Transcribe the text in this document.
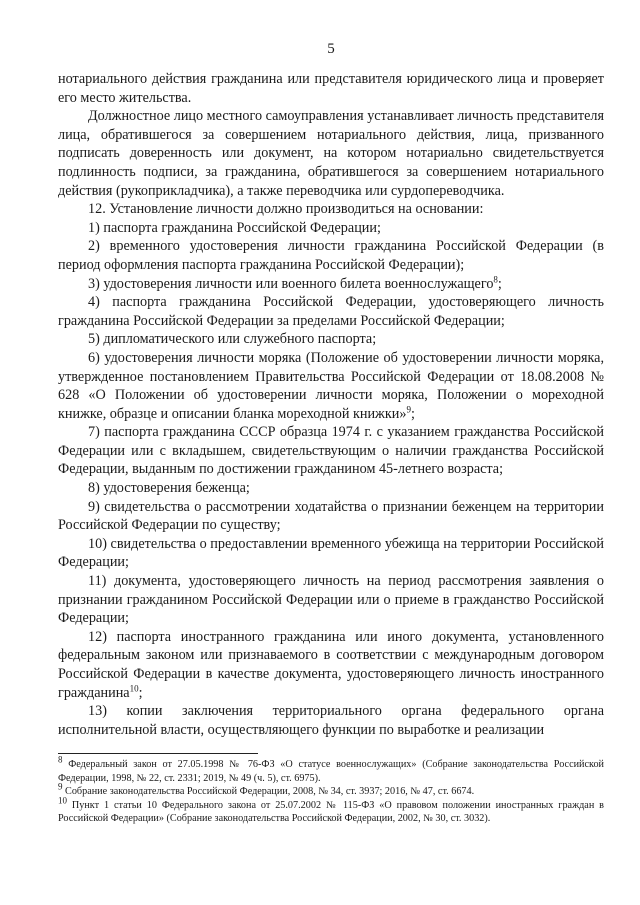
5

нотариального действия гражданина или представителя юридического лица и проверяет его место жительства.

Должностное лицо местного самоуправления устанавливает личность представителя лица, обратившегося за совершением нотариального действия, лица, призванного подписать доверенность или документ, на котором нотариально свидетельствуется подлинность подписи, за гражданина, обратившегося за совершением нотариального действия (рукоприкладчика), а также переводчика или сурдопереводчика.

12. Установление личности должно производиться на основании:

1) паспорта гражданина Российской Федерации;

2) временного удостоверения личности гражданина Российской Федерации (в период оформления паспорта гражданина Российской Федерации);

3) удостоверения личности или военного билета военнослужащего$^8$;

4) паспорта гражданина Российской Федерации, удостоверяющего личность гражданина Российской Федерации за пределами Российской Федерации;

5) дипломатического или служебного паспорта;

6) удостоверения личности моряка (Положение об удостоверении личности моряка, утвержденное постановлением Правительства Российской Федерации от 18.08.2008 № 628 «О Положении об удостоверении личности моряка, Положении о мореходной книжке, образце и описании бланка мореходной книжки»$^9$;

7) паспорта гражданина СССР образца 1974 г. с указанием гражданства Российской Федерации или с вкладышем, свидетельствующим о наличии гражданства Российской Федерации, выданным по достижении гражданином 45-летнего возраста;

8) удостоверения беженца;

9) свидетельства о рассмотрении ходатайства о признании беженцем на территории Российской Федерации по существу;

10) свидетельства о предоставлении временного убежища на территории Российской Федерации;

11) документа, удостоверяющего личность на период рассмотрения заявления о признании гражданином Российской Федерации или о приеме в гражданство Российской Федерации;

12) паспорта иностранного гражданина или иного документа, установленного федеральным законом или признаваемого в соответствии с международным договором Российской Федерации в качестве документа, удостоверяющего личность иностранного гражданина$^{10}$;

13) копии заключения территориального органа федерального органа исполнительной власти, осуществляющего функции по выработке и реализации

$^8$ Федеральный закон от 27.05.1998 № 76-ФЗ «О статусе военнослужащих» (Собрание законодательства Российской Федерации, 1998, № 22, ст. 2331; 2019, № 49 (ч. 5), ст. 6975).

$^9$ Собрание законодательства Российской Федерации, 2008, № 34, ст. 3937; 2016, № 47, ст. 6674.

$^{10}$ Пункт 1 статьи 10 Федерального закона от 25.07.2002 № 115-ФЗ «О правовом положении иностранных граждан в Российской Федерации» (Собрание законодательства Российской Федерации, 2002, № 30, ст. 3032).
